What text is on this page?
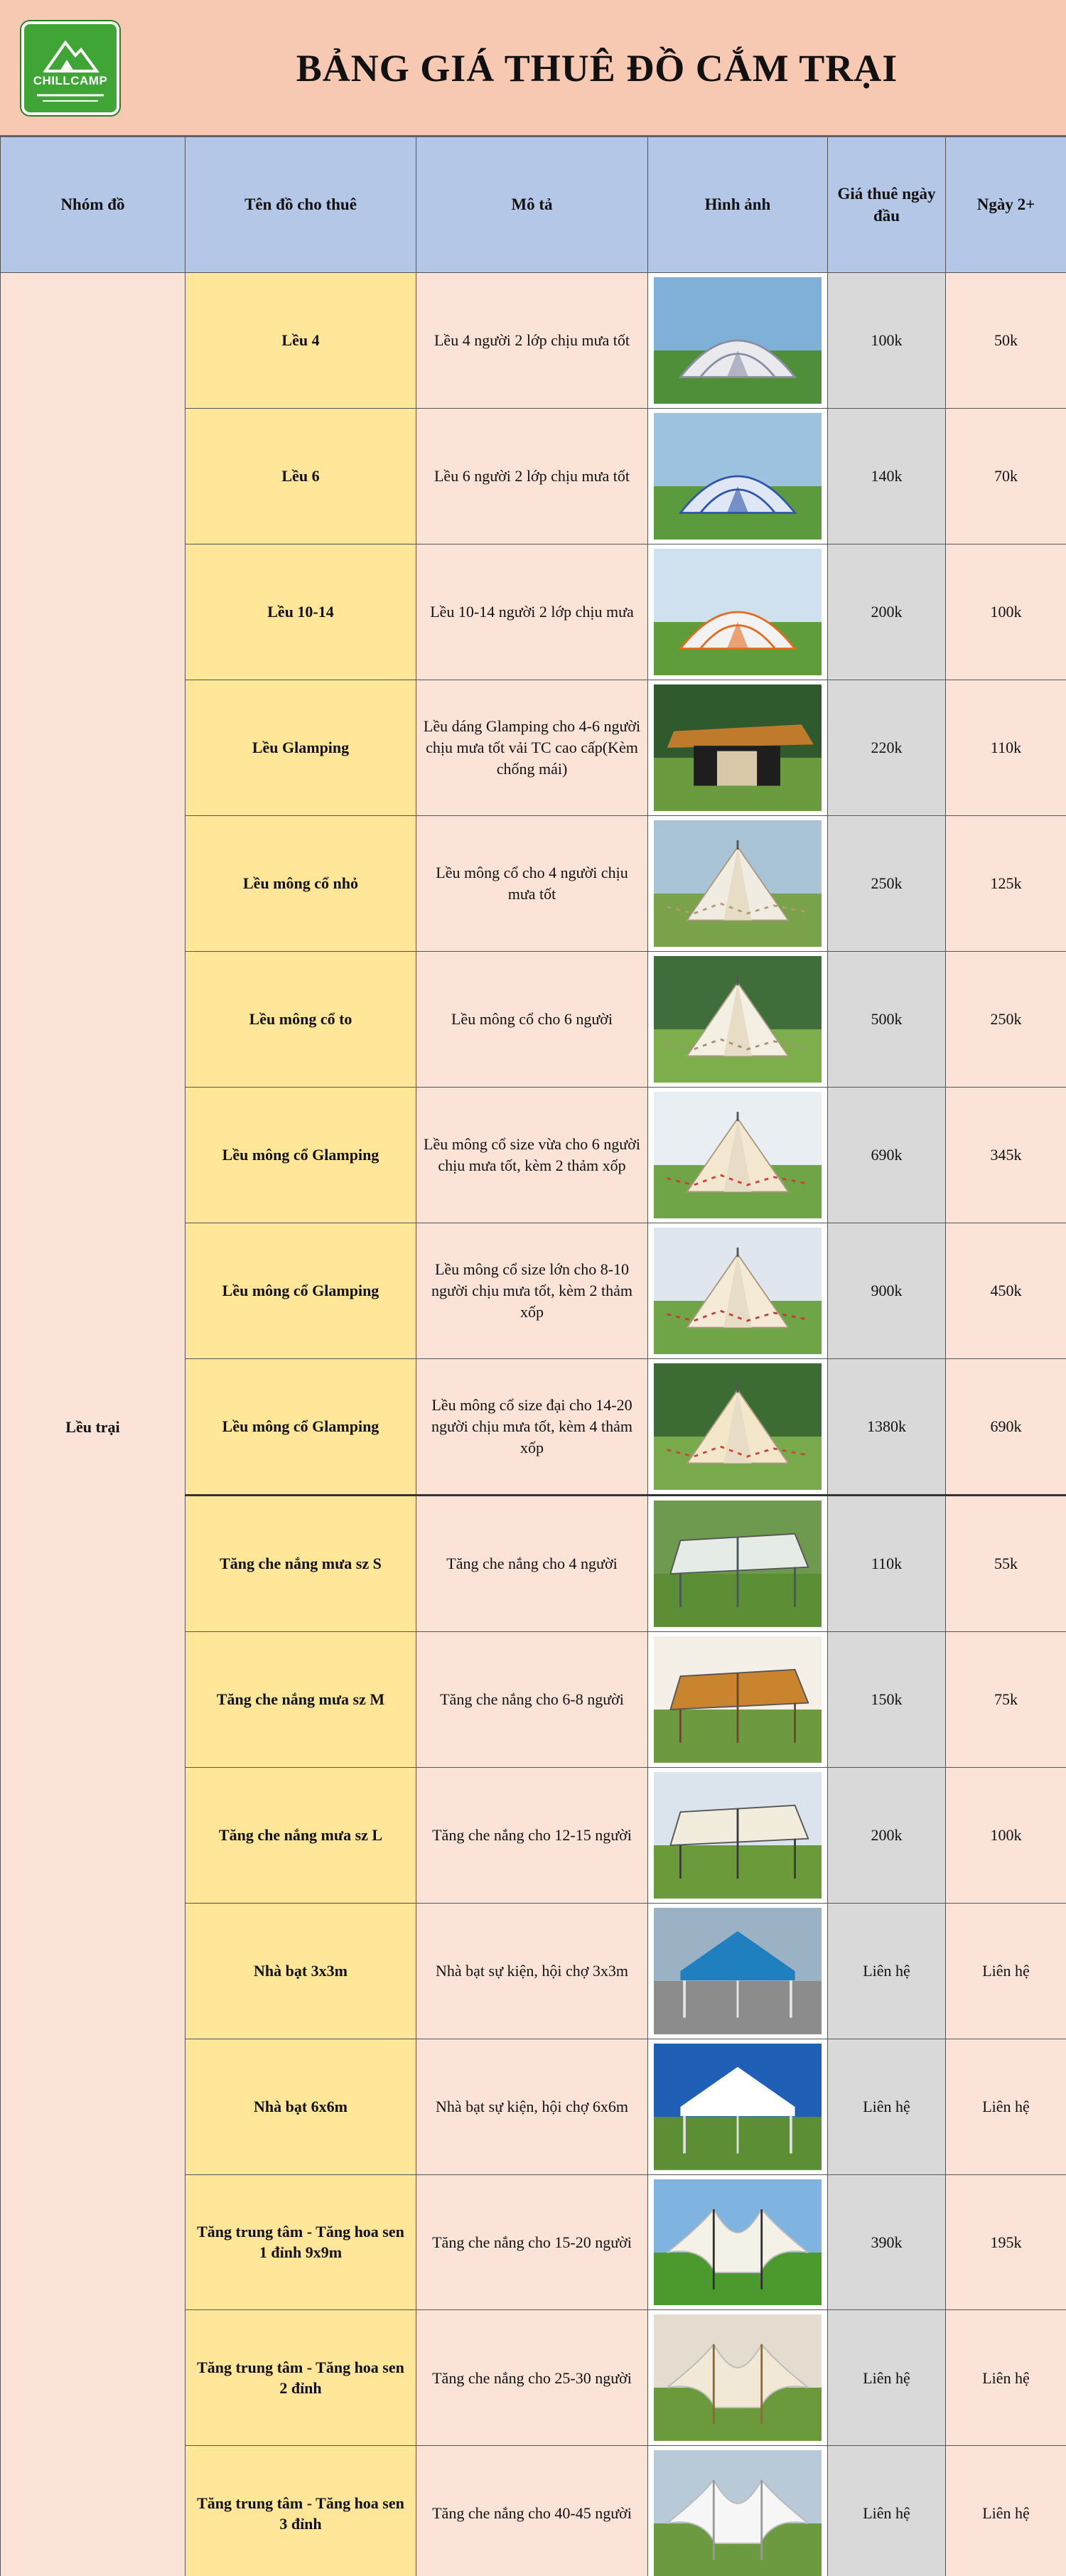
CHILLCAMP	BẢNG GIÁ THUÊ ĐỒ CẮM TRẠI
Nhóm đồ	Tên đồ cho thuê	Mô tả	Hình ảnh	Giá thuê ngày đầu	Ngày 2+
Lều trại	Lều 4	Lều 4 người 2 lớp chịu mưa tốt		100k	50k
	Lều 6	Lều 6 người 2 lớp chịu mưa tốt		140k	70k
	Lều 10-14	Lều 10-14 người 2 lớp chịu mưa		200k	100k
	Lều Glamping	Lều dáng Glamping cho 4-6 người chịu mưa tốt vải TC cao cấp(Kèm chống mái)		220k	110k
	Lều mông cổ nhỏ	Lều mông cổ cho 4 người chịu mưa tốt		250k	125k
	Lều mông cổ to	Lều mông cổ cho 6 người		500k	250k
	Lều mông cổ Glamping	Lều mông cổ size vừa cho 6 người chịu mưa tốt, kèm 2 thảm xốp		690k	345k
	Lều mông cổ Glamping	Lều mông cổ size lớn cho 8-10 người chịu mưa tốt, kèm 2 thảm xốp		900k	450k
	Lều mông cổ Glamping	Lều mông cổ size đại cho 14-20 người chịu mưa tốt, kèm 4 thảm xốp		1380k	690k
	Tăng che nắng mưa sz S	Tăng che nắng cho 4 người		110k	55k
	Tăng che nắng mưa sz M	Tăng che nắng cho 6-8 người		150k	75k
	Tăng che nắng mưa sz L	Tăng che nắng cho 12-15 người		200k	100k
	Nhà bạt 3x3m	Nhà bạt sự kiện, hội chợ 3x3m		Liên hệ	Liên hệ
	Nhà bạt 6x6m	Nhà bạt sự kiện, hội chợ 6x6m		Liên hệ	Liên hệ
	Tăng trung tâm - Tăng hoa sen 1 đỉnh 9x9m	Tăng che nắng cho 15-20 người		390k	195k
	Tăng trung tâm - Tăng hoa sen 2 đỉnh	Tăng che nắng cho 25-30 người		Liên hệ	Liên hệ
	Tăng trung tâm - Tăng hoa sen 3 đỉnh	Tăng che nắng cho 40-45 người		Liên hệ	Liên hệ
